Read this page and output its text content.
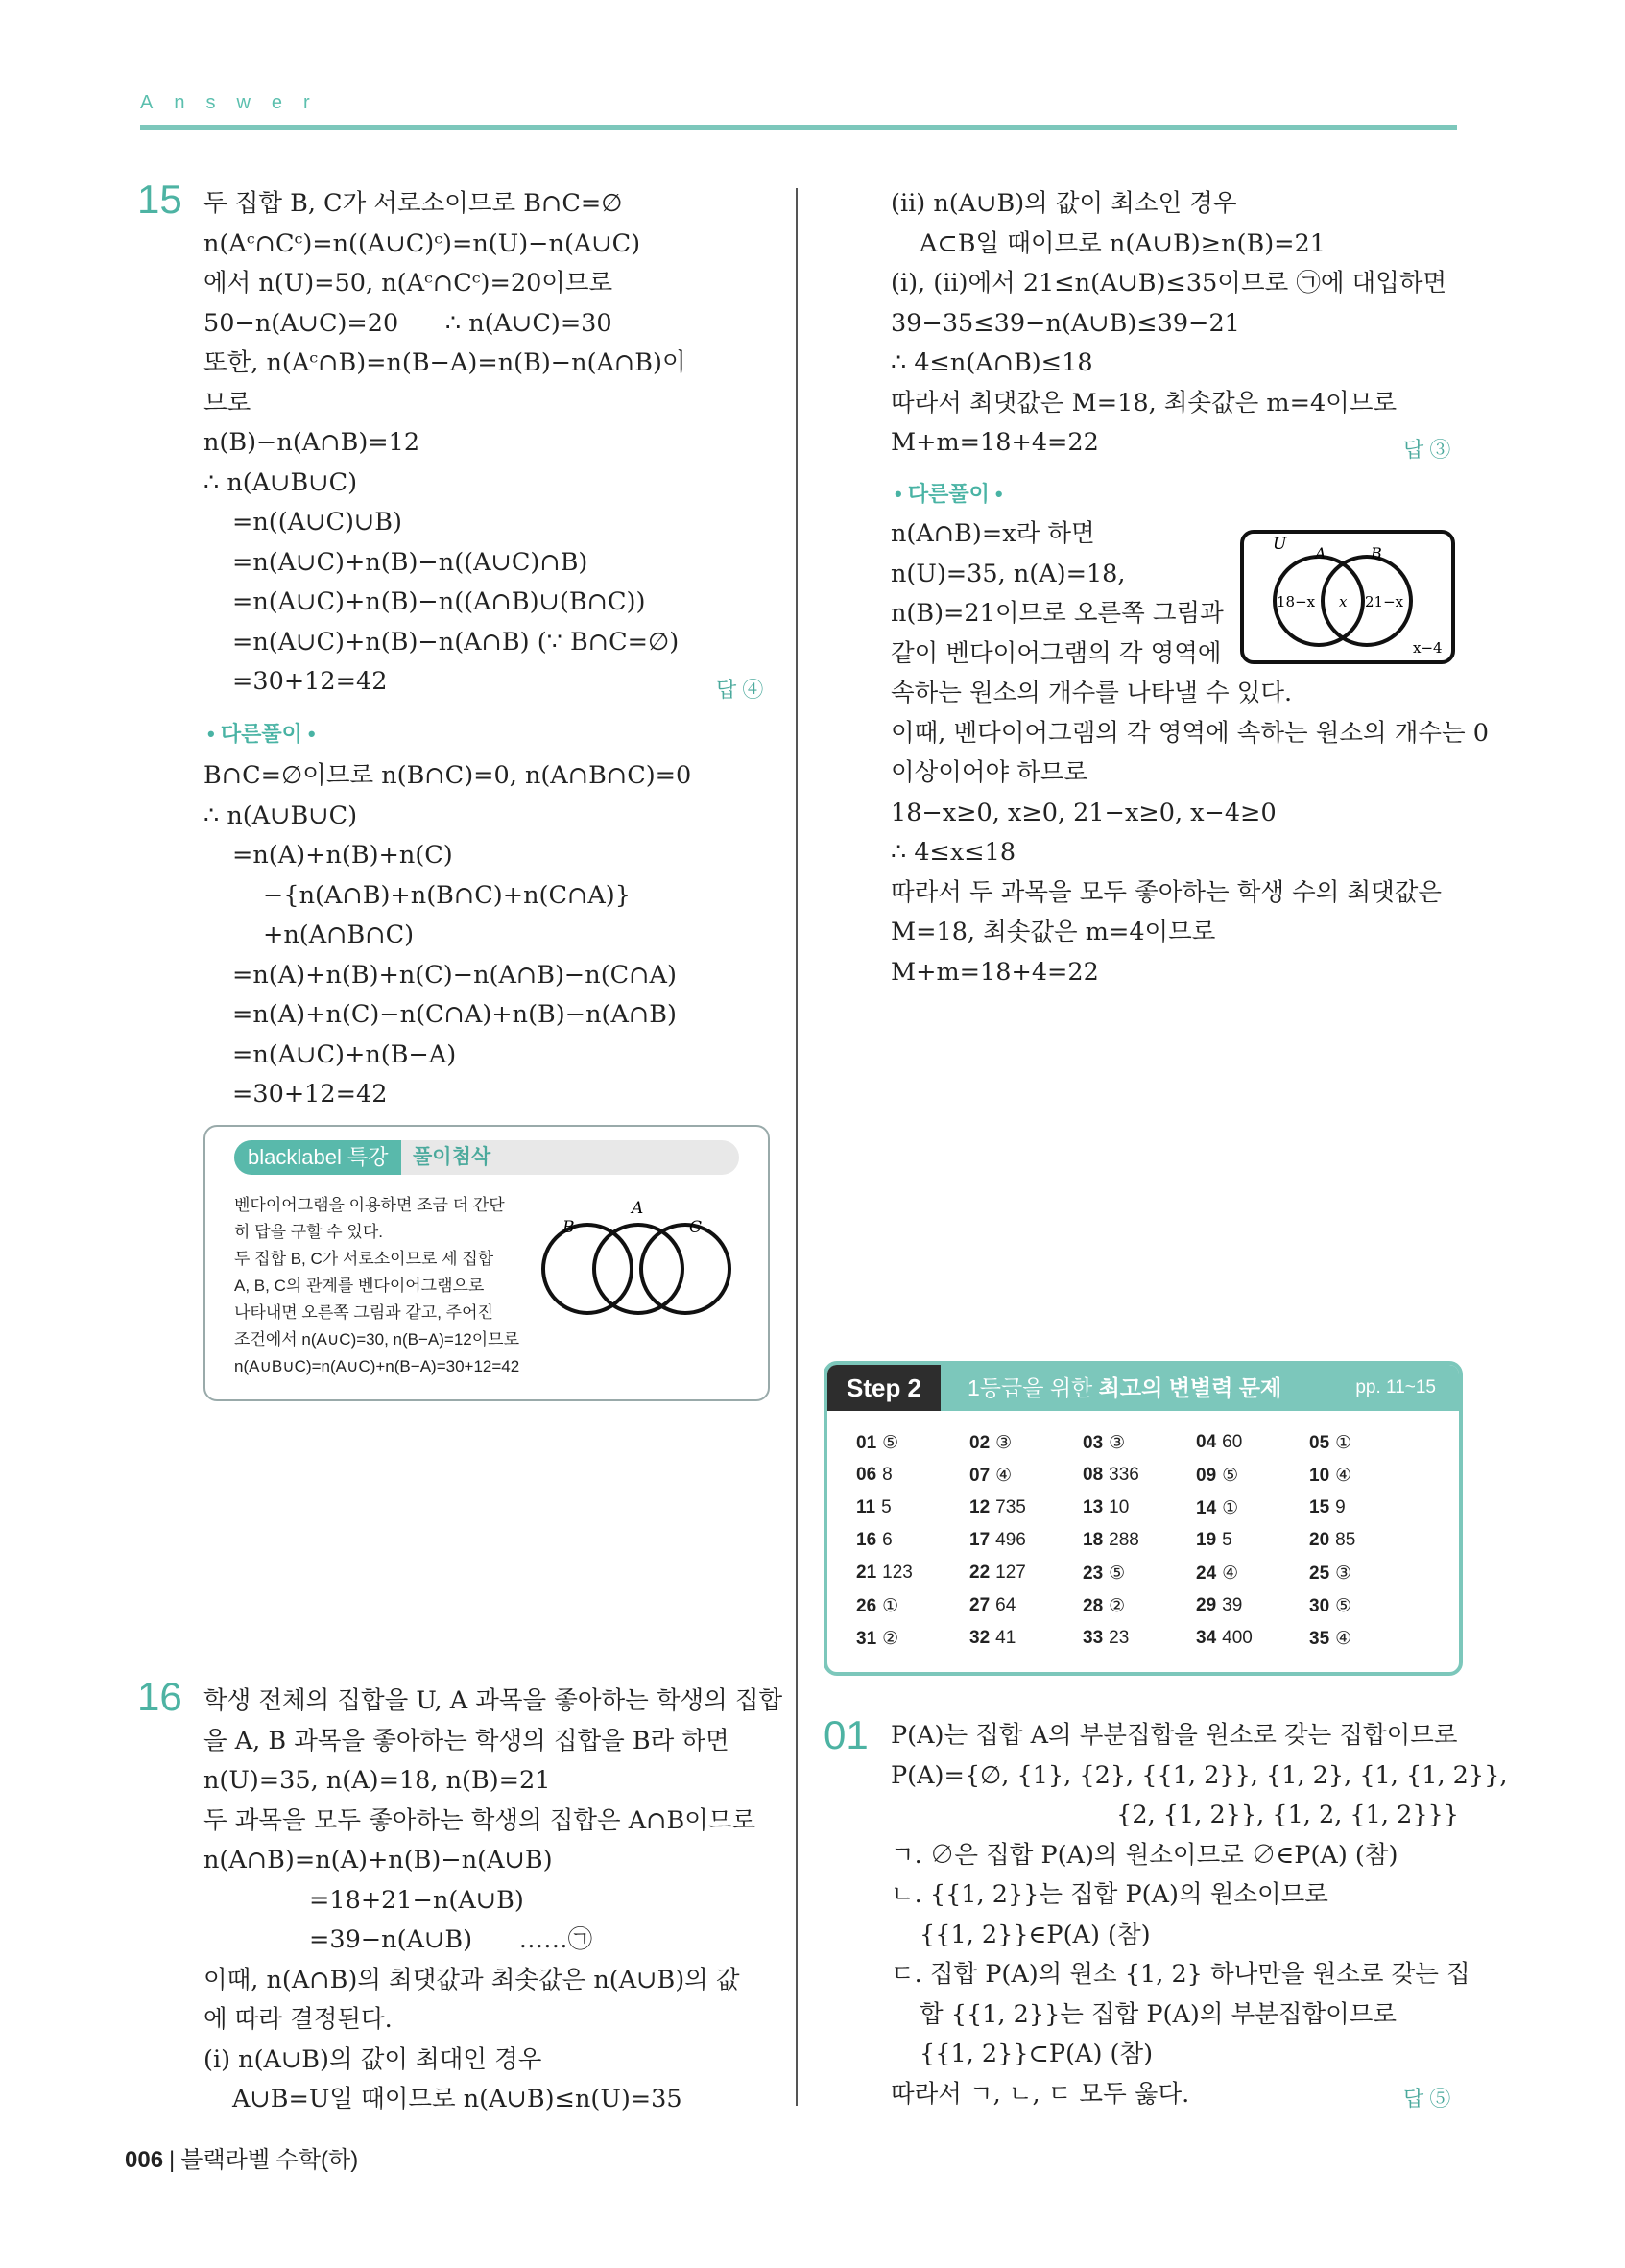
Answer
15 두 집합 B, C가 서로소이므로 B∩C=∅
n(Aᶜ∩Cᶜ)=n((A∪C)ᶜ)=n(U)−n(A∪C)
에서 n(U)=50, n(Aᶜ∩Cᶜ)=20이므로
50−n(A∪C)=20      ∴ n(A∪C)=30
또한, n(Aᶜ∩B)=n(B−A)=n(B)−n(A∩B)이
므로
n(B)−n(A∩B)=12
∴ n(A∪B∪C)
=n((A∪C)∪B)
=n(A∪C)+n(B)−n((A∪C)∩B)
=n(A∪C)+n(B)−n((A∩B)∪(B∩C))
=n(A∪C)+n(B)−n(A∩B) (∵ B∩C=∅)
=30+12=42	답 ④
• 다른풀이 •
B∩C=∅이므로 n(B∩C)=0, n(A∩B∩C)=0
∴ n(A∪B∪C)
=n(A)+n(B)+n(C)
−{n(A∩B)+n(B∩C)+n(C∩A)}
+n(A∩B∩C)
=n(A)+n(B)+n(C)−n(A∩B)−n(C∩A)
=n(A)+n(C)−n(C∩A)+n(B)−n(A∩B)
=n(A∪C)+n(B−A)
=30+12=42
blacklabel 특강	풀이첨삭
벤다이어그램을 이용하면 조금 더 간단
히 답을 구할 수 있다.
두 집합 B, C가 서로소이므로 세 집합
A, B, C의 관계를 벤다이어그램으로
나타내면 오른쪽 그림과 같고, 주어진
조건에서 n(A∪C)=30, n(B−A)=12이므로
n(A∪B∪C)=n(A∪C)+n(B−A)=30+12=42
B
A
C
16 학생 전체의 집합을 U, A 과목을 좋아하는 학생의 집합
을 A, B 과목을 좋아하는 학생의 집합을 B라 하면
n(U)=35, n(A)=18, n(B)=21
두 과목을 모두 좋아하는 학생의 집합은 A∩B이므로
n(A∩B)=n(A)+n(B)−n(A∪B)
=18+21−n(A∪B)
=39−n(A∪B)      ……㉠
이때, n(A∩B)의 최댓값과 최솟값은 n(A∪B)의 값
에 따라 결정된다.
(ⅰ) n(A∪B)의 값이 최대인 경우
A∪B=U일 때이므로 n(A∪B)≤n(U)=35
(ⅱ) n(A∪B)의 값이 최소인 경우
A⊂B일 때이므로 n(A∪B)≥n(B)=21
(ⅰ), (ⅱ)에서 21≤n(A∪B)≤35이므로 ㉠에 대입하면
39−35≤39−n(A∪B)≤39−21
∴ 4≤n(A∩B)≤18
따라서 최댓값은 M=18, 최솟값은 m=4이므로
M+m=18+4=22	답 ③
• 다른풀이 •
n(A∩B)=x라 하면
n(U)=35, n(A)=18,
n(B)=21이므로 오른쪽 그림과
같이 벤다이어그램의 각 영역에
속하는 원소의 개수를 나타낼 수 있다.
이때, 벤다이어그램의 각 영역에 속하는 원소의 개수는 0
이상이어야 하므로
18−x≥0, x≥0, 21−x≥0, x−4≥0
∴ 4≤x≤18
따라서 두 과목을 모두 좋아하는 학생 수의 최댓값은
M=18, 최솟값은 m=4이므로
M+m=18+4=22
U A	B
18−x x 21−x
x−4
Step 2	1등급을 위한 최고의 변별력 문제	pp. 11~15
01 ⑤	02 ③	03 ③	04 60	05 ①
06 8	07 ④	08 336	09 ⑤	10 ④
11 5	12 735	13 10	14 ①	15 9
16 6	17 496	18 288	19 5	20 85
21 123	22 127	23 ⑤	24 ④	25 ③
26 ①	27 64	28 ②	29 39	30 ⑤
31 ②	32 41	33 23	34 400	35 ④
01 P(A)는 집합 A의 부분집합을 원소로 갖는 집합이므로
P(A)={∅, {1}, {2}, {{1, 2}}, {1, 2}, {1, {1, 2}},
{2, {1, 2}}, {1, 2, {1, 2}}}
ㄱ. ∅은 집합 P(A)의 원소이므로 ∅∈P(A) (참)
ㄴ. {{1, 2}}는 집합 P(A)의 원소이므로
{{1, 2}}∈P(A) (참)
ㄷ. 집합 P(A)의 원소 {1, 2} 하나만을 원소로 갖는 집
합 {{1, 2}}는 집합 P(A)의 부분집합이므로
{{1, 2}}⊂P(A) (참)
따라서 ㄱ, ㄴ, ㄷ 모두 옳다.	답 ⑤
006 | 블랙라벨 수학(하)
